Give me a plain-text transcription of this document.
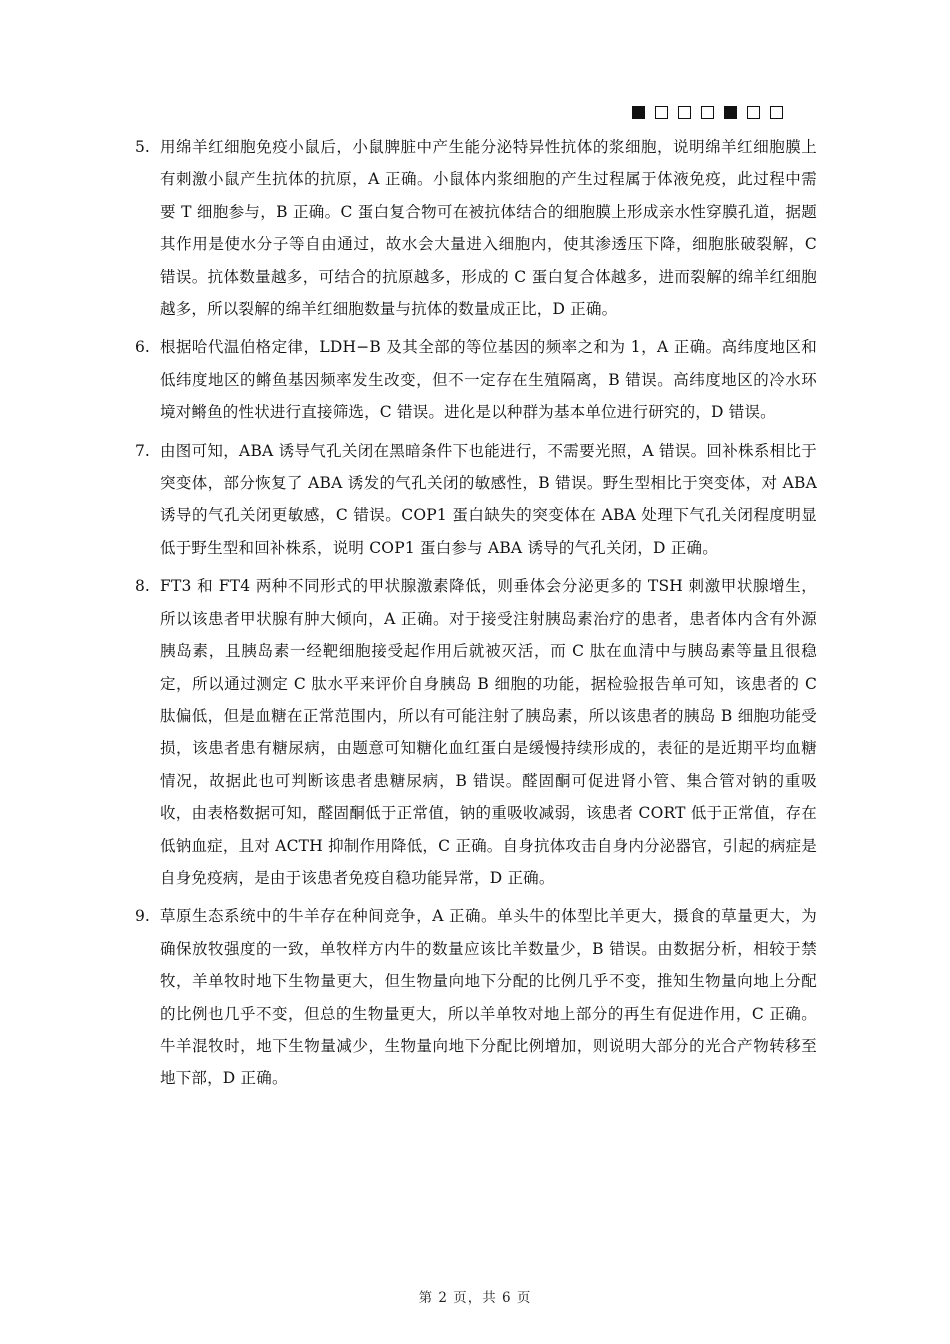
5. 用绵羊红细胞免疫小鼠后，小鼠脾脏中产生能分泌特异性抗体的浆细胞，说明绵羊红细胞膜上有刺激小鼠产生抗体的抗原，A 正确。小鼠体内浆细胞的产生过程属于体液免疫，此过程中需要 T 细胞参与，B 正确。C 蛋白复合物可在被抗体结合的细胞膜上形成亲水性穿膜孔道，据题其作用是使水分子等自由通过，故水会大量进入细胞内，使其渗透压下降，细胞胀破裂解，C 错误。抗体数量越多，可结合的抗原越多，形成的 C 蛋白复合体越多，进而裂解的绵羊红细胞越多，所以裂解的绵羊红细胞数量与抗体的数量成正比，D 正确。
6. 根据哈代温伯格定律，LDH−B 及其全部的等位基因的频率之和为 1，A 正确。高纬度地区和低纬度地区的鳉鱼基因频率发生改变，但不一定存在生殖隔离，B 错误。高纬度地区的冷水环境对鳉鱼的性状进行直接筛选，C 错误。进化是以种群为基本单位进行研究的，D 错误。
7. 由图可知，ABA 诱导气孔关闭在黑暗条件下也能进行，不需要光照，A 错误。回补株系相比于突变体，部分恢复了 ABA 诱发的气孔关闭的敏感性，B 错误。野生型相比于突变体，对 ABA 诱导的气孔关闭更敏感，C 错误。COP1 蛋白缺失的突变体在 ABA 处理下气孔关闭程度明显低于野生型和回补株系，说明 COP1 蛋白参与 ABA 诱导的气孔关闭，D 正确。
8. FT3 和 FT4 两种不同形式的甲状腺激素降低，则垂体会分泌更多的 TSH 刺激甲状腺增生，所以该患者甲状腺有肿大倾向，A 正确。对于接受注射胰岛素治疗的患者，患者体内含有外源胰岛素，且胰岛素一经靶细胞接受起作用后就被灭活，而 C 肽在血清中与胰岛素等量且很稳定，所以通过测定 C 肽水平来评价自身胰岛 B 细胞的功能，据检验报告单可知，该患者的 C 肽偏低，但是血糖在正常范围内，所以有可能注射了胰岛素，所以该患者的胰岛 B 细胞功能受损，该患者患有糖尿病，由题意可知糖化血红蛋白是缓慢持续形成的，表征的是近期平均血糖情况，故据此也可判断该患者患糖尿病，B 错误。醛固酮可促进肾小管、集合管对钠的重吸收，由表格数据可知，醛固酮低于正常值，钠的重吸收减弱，该患者 CORT 低于正常值，存在低钠血症，且对 ACTH 抑制作用降低，C 正确。自身抗体攻击自身内分泌器官，引起的病症是自身免疫病，是由于该患者免疫自稳功能异常，D 正确。
9. 草原生态系统中的牛羊存在种间竞争，A 正确。单头牛的体型比羊更大，摄食的草量更大，为确保放牧强度的一致，单牧样方内牛的数量应该比羊数量少，B 错误。由数据分析，相较于禁牧，羊单牧时地下生物量更大，但生物量向地下分配的比例几乎不变，推知生物量向地上分配的比例也几乎不变，但总的生物量更大，所以羊单牧对地上部分的再生有促进作用，C 正确。牛羊混牧时，地下生物量减少，生物量向地下分配比例增加，则说明大部分的光合产物转移至地下部，D 正确。
第 2 页，共 6 页
